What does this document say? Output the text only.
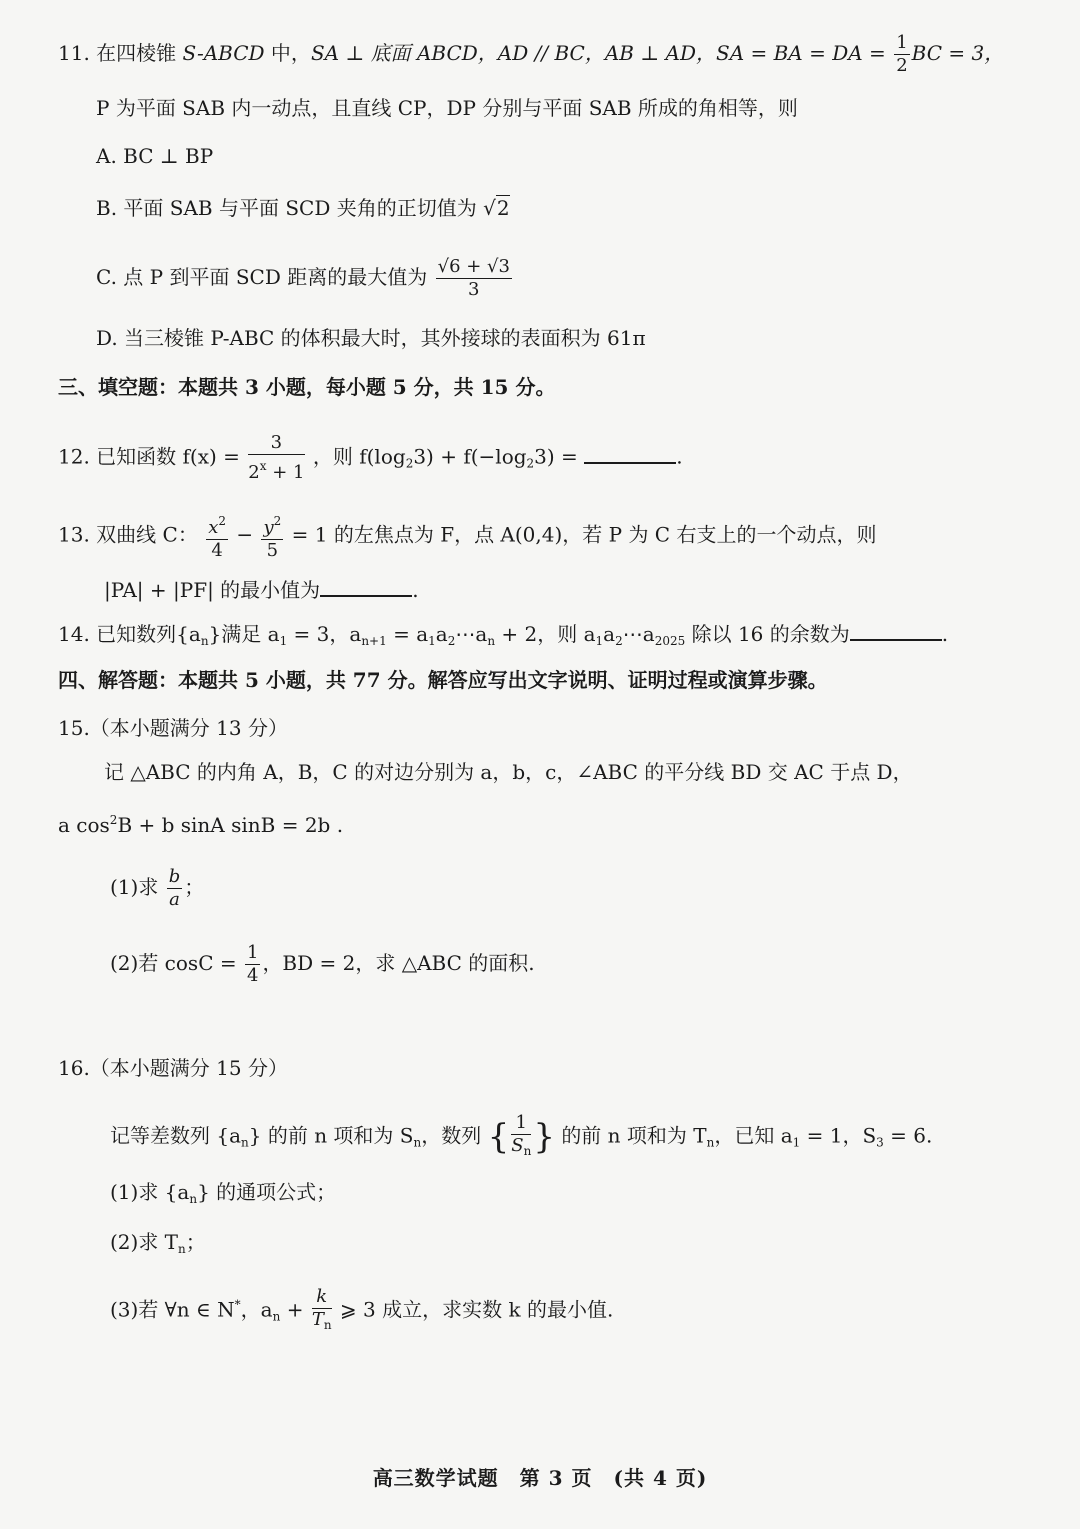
11. 在四棱锥 S-ABCD 中，SA ⊥ 底面 ABCD，AD // BC，AB ⊥ AD，SA = BA = DA = $\frac{1}{2}$ BC = 3，
P 为平面 SAB 内一动点，且直线 CP，DP 分别与平面 SAB 所成的角相等，则
A. BC ⊥ BP
B. 平面 SAB 与平面 SCD 夹角的正切值为 √2
C. 点 P 到平面 SCD 距离的最大值为 $\frac{√6 + √3}{3}$
D. 当三棱锥 P-ABC 的体积最大时，其外接球的表面积为 61π
三、填空题：本题共 3 小题，每小题 5 分，共 15 分。
12. 已知函数 $f(x) = \frac{3}{2^x + 1}$ ，则 $f(\log_23) + f(-\log_23)$ =	.
13. 双曲线 C： $\frac{x^2}{4} - \frac{y^2}{5} = 1$ 的左焦点为 F，点 A(0,4)，若 P 为 C 右支上的一个动点，则
|PA| + |PF| 的最小值为	.
14. 已知数列$\{a_n\}$满足 $a_1 = 3$，$a_{n+1}$ = $a_1a_2\cdots a_n + 2$，则 $a_1a_2\cdots a_{2025}$ 除以 16 的余数为	.
四、解答题：本题共 5 小题，共 77 分。解答应写出文字说明、证明过程或演算步骤。
15.（本小题满分 13 分）
记 △ABC 的内角 A，B，C 的对边分别为 a，b，c，∠ABC 的平分线 BD 交 AC 于点 D，
a $\cos^2B + b$ sinA sinB = 2b .
(1)求 $\frac{b}{a}$ ；
(2)若 $\cos C = \frac{1}{4}$ ，BD = 2，求 △ABC 的面积.
16.（本小题满分 15 分）
记等差数列 $\{a_n\}$ 的前 n 项和为 $S_n$，数列 { $\frac{1}{S_n}$ } 的前 n 项和为 $T_n$，已知 $a_1 = 1$，$S_3 = 6$.
(1)求 $\{a_n\}$ 的通项公式；
(2)求 $T_n$；
(3)若 ∀n ∈ N*，$a_n + \frac{k}{T_n}$ ⩾ 3 成立，求实数 k 的最小值.
高三数学试题　第 3 页　(共 4 页)
